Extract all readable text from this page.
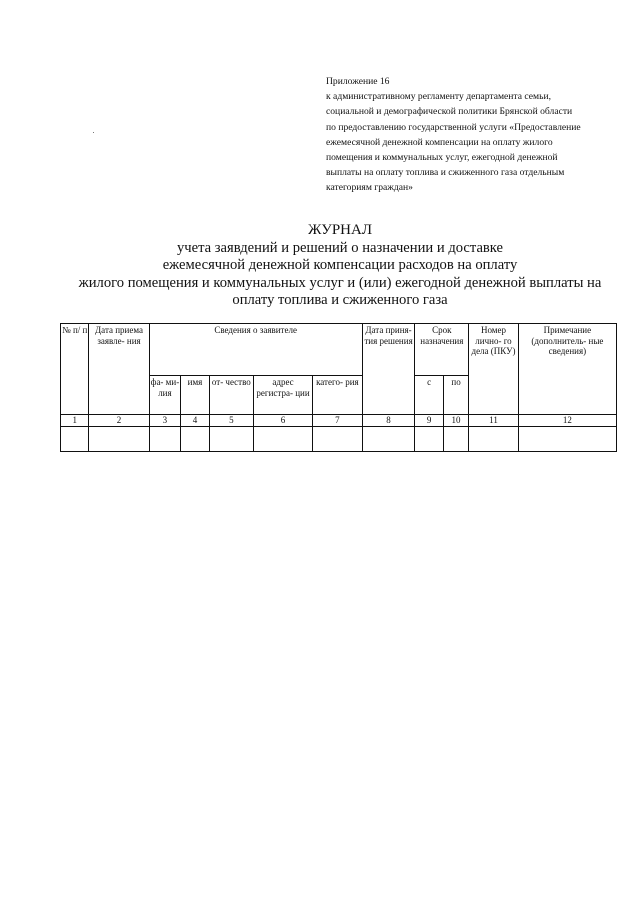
Приложение 16
к административному регламенту департамента семьи,
социальной и демографической политики Брянской области
по предоставлению государственной услуги «Предоставление
ежемесячной денежной компенсации на оплату жилого
помещения и коммунальных услуг, ежегодной денежной
выплаты на оплату топлива и сжиженного газа отдельным
категориям граждан»
ЖУРНАЛ
учета заявдений и решений о назначении и доставке
ежемесячной денежной компенсации расходов на оплату
жилого помещения и коммунальных услуг и (или) ежегодной денежной выплаты на
оплату топлива и сжиженного газа
№ п/ п	Дата приема заявле- ния	Сведения о заявителе					Дата приня- тия решения	Срок назначения		Номер лично- го дела (ПКУ)	Примечание (дополнитель- ные сведения)
		фа- ми- лия	имя	от- чество	адрес регистра- ции	катего- рия		с	по		
1	2	3	4	5	6	7	8	9	10	11	12
